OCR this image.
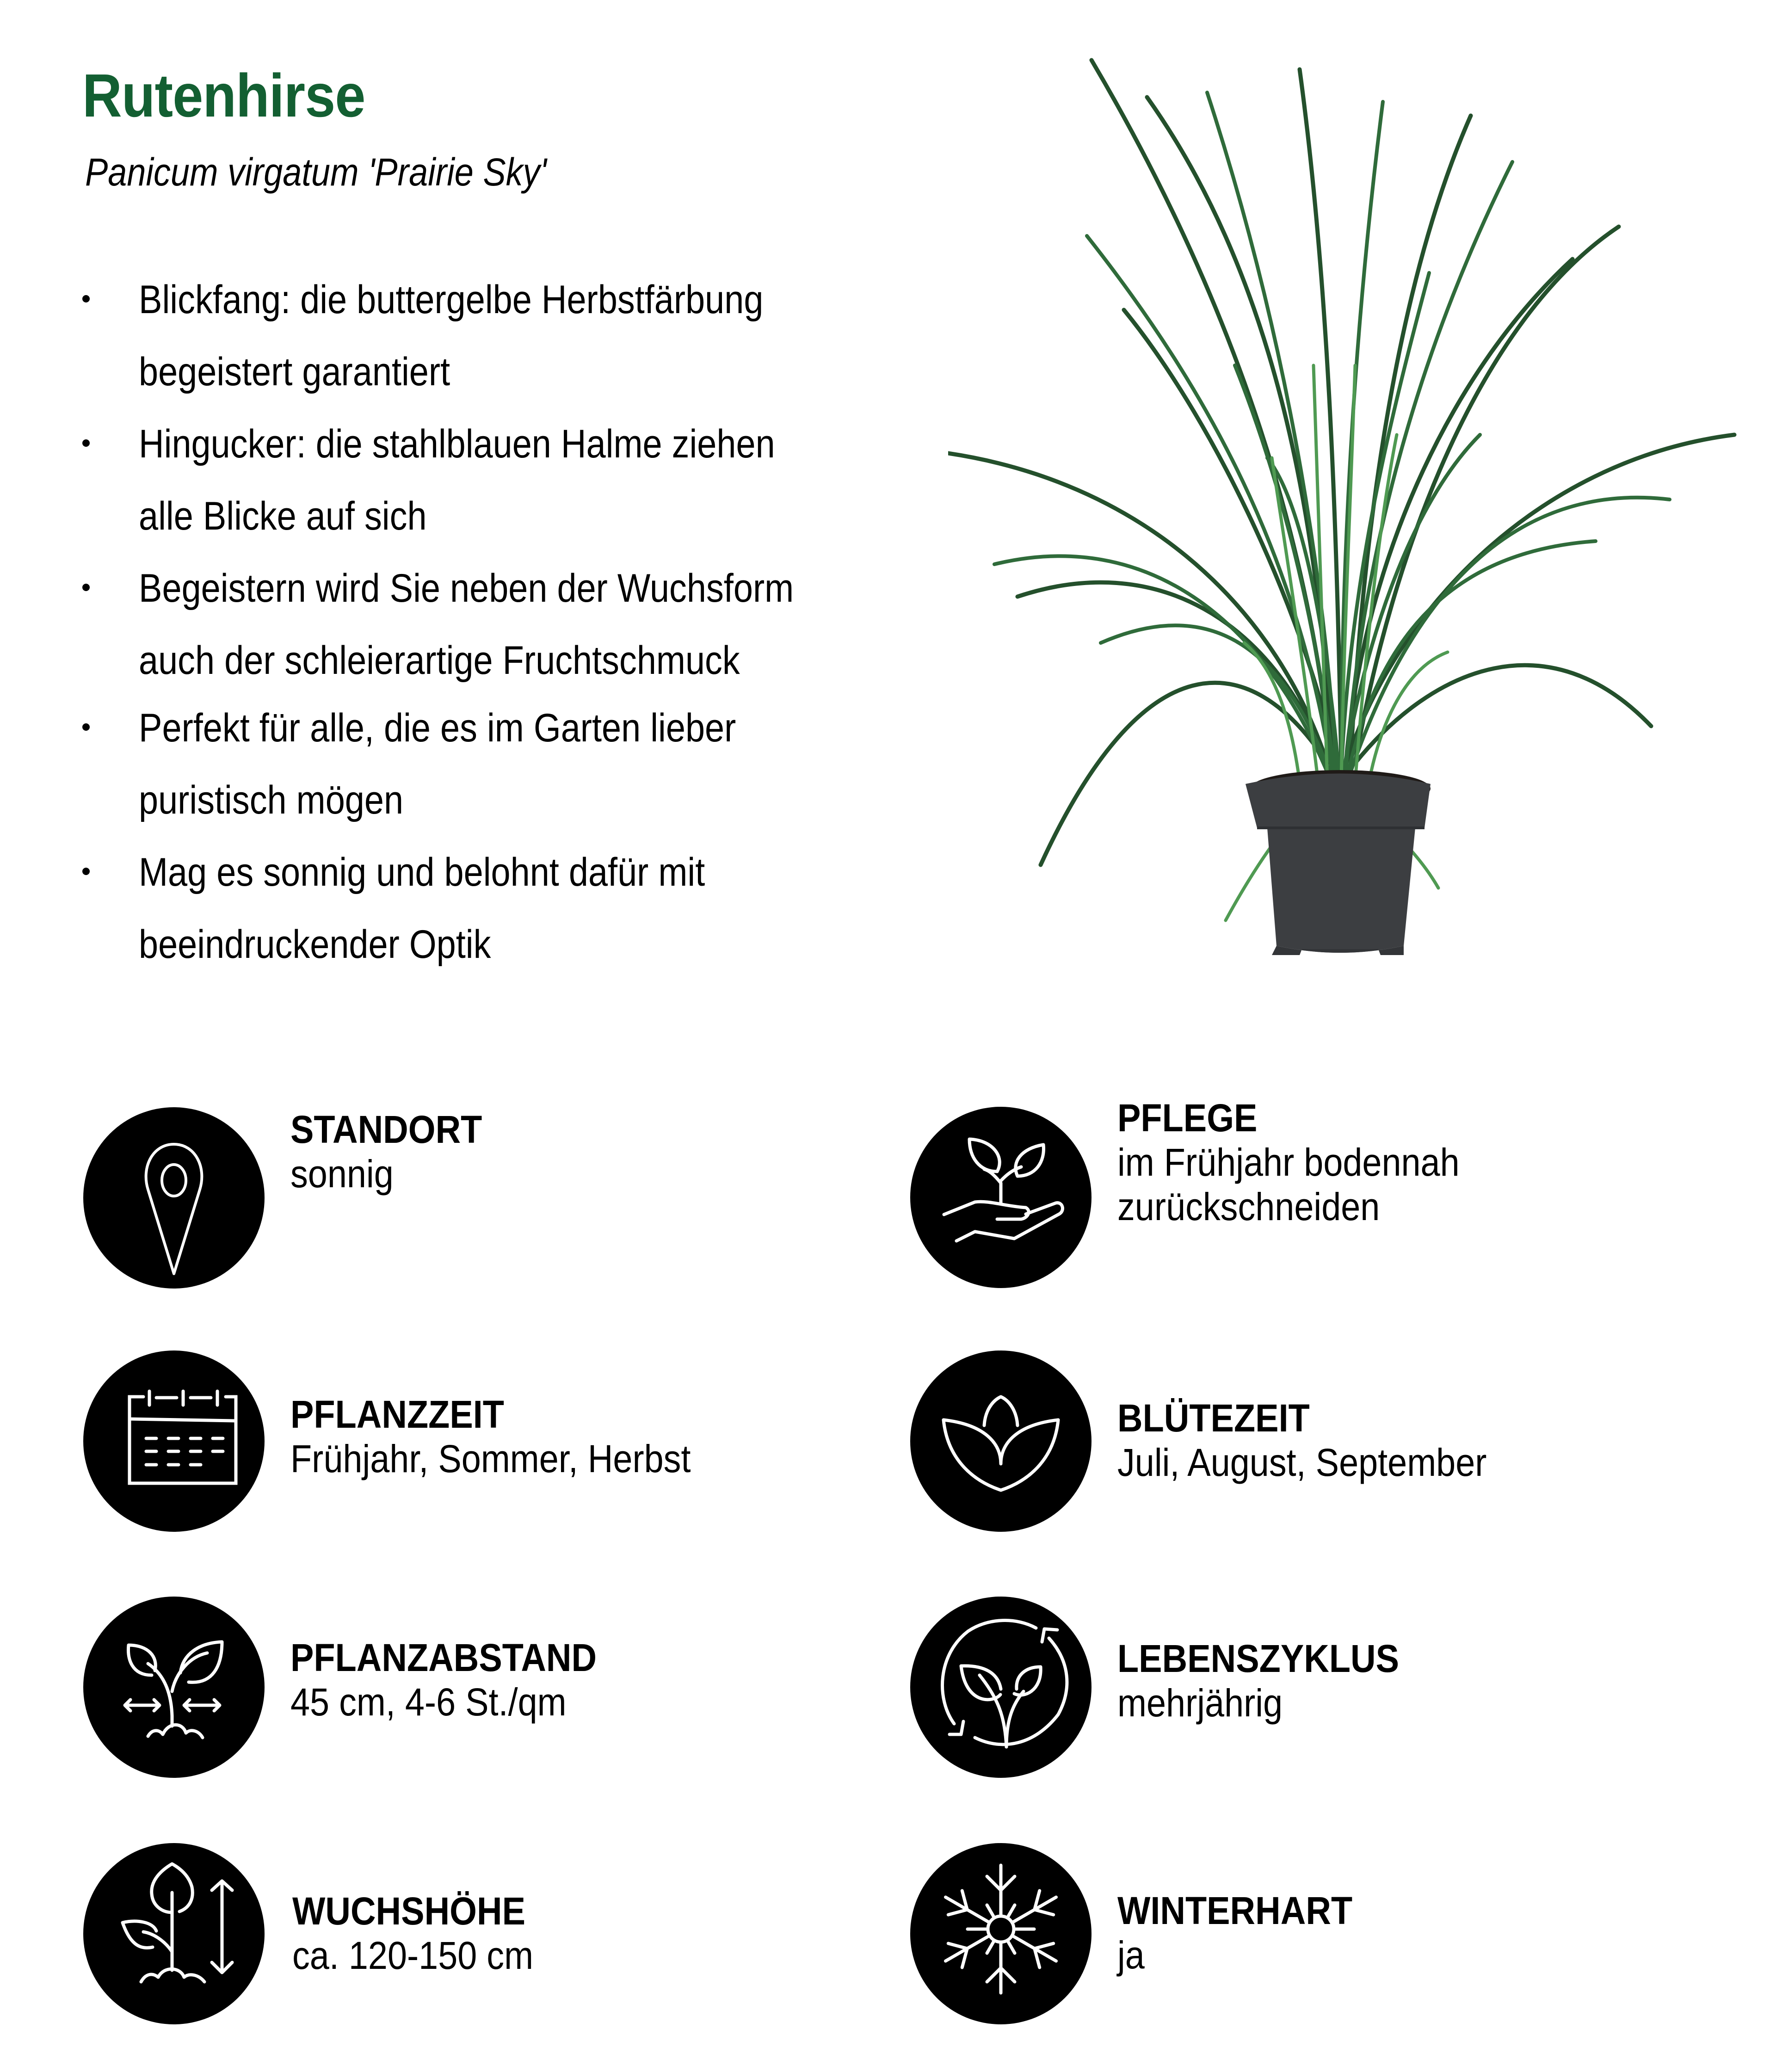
Rutenhirse

Panicum virgatum 'Prairie Sky'

Blickfang: die buttergelbe Herbstfärbung
begeistert garantiert
Hingucker: die stahlblauen Halme ziehen
alle Blicke auf sich
Begeistern wird Sie neben der Wuchsform
auch der schleierartige Fruchtschmuck
Perfekt für alle, die es im Garten lieber
puristisch mögen
Mag es sonnig und belohnt dafür mit
beeindruckender Optik
STANDORT
sonnig
PFLEGE
im Frühjahr bodennah
zurückschneiden
PFLANZZEIT
Frühjahr, Sommer, Herbst
BLÜTEZEIT
Juli, August, September
PFLANZABSTAND
45 cm, 4-6 St./qm
LEBENSZYKLUS
mehrjährig
WUCHSHÖHE
ca. 120-150 cm
WINTERHART
ja
